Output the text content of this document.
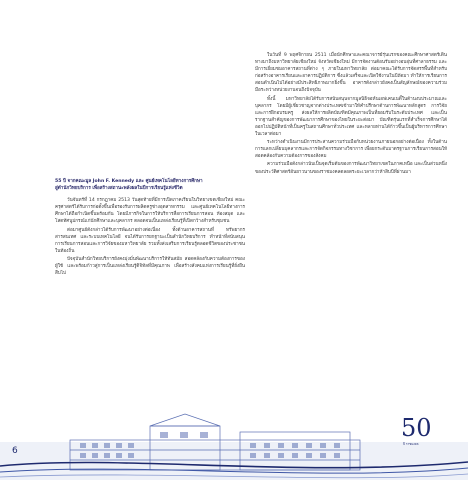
ในวันที่ 9 พฤศจิกายน 2511 เมื่อนักศึกษาและคณาจารย์รุ่นแรกของคณะศึกษาศาสตร์เดินทางมาถึงมหาวิทยาลัยเชียงใหม่ จังหวัดเชียงใหม่ มีการจัดงานต้อนรับอย่างอบอุ่นที่ศาลาธรรม และมีการเยี่ยมชมอาคารสถานที่ต่าง ๆ ภายในมหาวิทยาลัย ต่อมาคณะได้รับการจัดสรรพื้นที่สำหรับก่อสร้างอาคารเรียนและอาคารปฏิบัติการ ซึ่งแล้วเสร็จและเปิดใช้งานในปีถัดมา ทำให้การเรียนการสอนดำเนินไปได้อย่างมีประสิทธิภาพมากยิ่งขึ้น อาคารดังกล่าวยังคงเป็นสัญลักษณ์ของความร่วมมือระหว่างหน่วยงานจนถึงปัจจุบัน

ทั้งนี้ มหาวิทยาลัยได้รับการสนับสนุนจากมูลนิธิจอห์นเอฟเคนเนดี้ในด้านงบประมาณและบุคลากร โดยมีผู้เชี่ยวชาญจากต่างประเทศเข้ามาให้คำปรึกษาด้านการพัฒนาหลักสูตร การวิจัย และการฝึกอบรมครู ส่งผลให้การผลิตบัณฑิตมีคุณภาพเป็นที่ยอมรับในระดับประเทศ และเป็นรากฐานสำคัญของการพัฒนาการศึกษาของไทยในระยะต่อมา บัณฑิตรุ่นแรกที่สำเร็จการศึกษาได้ออกไปปฏิบัติหน้าที่เป็นครูในสถานศึกษาทั่วประเทศ และหลายท่านได้ก้าวขึ้นเป็นผู้บริหารการศึกษาในเวลาต่อมา

ระหว่างดำเนินงานมีการประสานความร่วมมือกับหน่วยงานภายนอกอย่างต่อเนื่อง ทั้งในด้านการแลกเปลี่ยนบุคลากรและการจัดกิจกรรมทางวิชาการ เพื่อยกระดับมาตรฐานการเรียนการสอนให้สอดคล้องกับความต้องการของสังคม

ความร่วมมือดังกล่าวนับเป็นจุดเริ่มต้นของการพัฒนาวิทยาเขตในภาคเหนือ และเป็นส่วนหนึ่งของประวัติศาสตร์อันยาวนานของราชมงคลตลอดระยะเวลากว่าห้าสิบปีที่ผ่านมา

55 ปี จากคณะมูล John F. Kennedy และ ศูนย์เทคโนโลยีทางการศึกษา
สู่ตำนักวิทยบริการ เพื่อสร้างสถานะพลังผลในปีการเรียนรู้แห่งชีวิต

วันจันทร์ที่ 14 กรกฎาคม 2513 วันสุดท้ายที่มีการเปิดภาคเรียนในวิทยาเขตเชียงใหม่ คณะครุศาสตร์ได้รับการก่อตั้งขึ้นเพื่อรองรับการผลิตครูช่างอุตสาหกรรม และศูนย์เทคโนโลยีทางการศึกษาได้ถือกำเนิดขึ้นพร้อมกัน โดยมีภารกิจในการให้บริการสื่อการเรียนการสอน ห้องสมุด และโสตทัศนูปกรณ์แก่นักศึกษาและบุคลากร ตลอดจนเป็นแหล่งเรียนรู้ที่เปิดกว้างสำหรับชุมชน

ต่อมาศูนย์ดังกล่าวได้รับการพัฒนาอย่างต่อเนื่อง ทั้งด้านอาคารสถานที่ ทรัพยากรสารสนเทศ และระบบเทคโนโลยี จนได้รับการยกฐานะเป็นสำนักวิทยบริการ ทำหน้าที่สนับสนุนการเรียนการสอนและการวิจัยของมหาวิทยาลัย รวมทั้งส่งเสริมการเรียนรู้ตลอดชีวิตของประชาชนในท้องถิ่น

ปัจจุบันสำนักวิทยบริการยังคงมุ่งมั่นพัฒนาบริการให้ทันสมัย สอดคล้องกับความต้องการของผู้ใช้ และพร้อมก้าวสู่การเป็นแหล่งเรียนรู้ดิจิทัลที่มีคุณภาพ เพื่อสร้างสังคมแห่งการเรียนรู้ที่ยั่งยืนสืบไป

6
50
ปี ราชมงคล
